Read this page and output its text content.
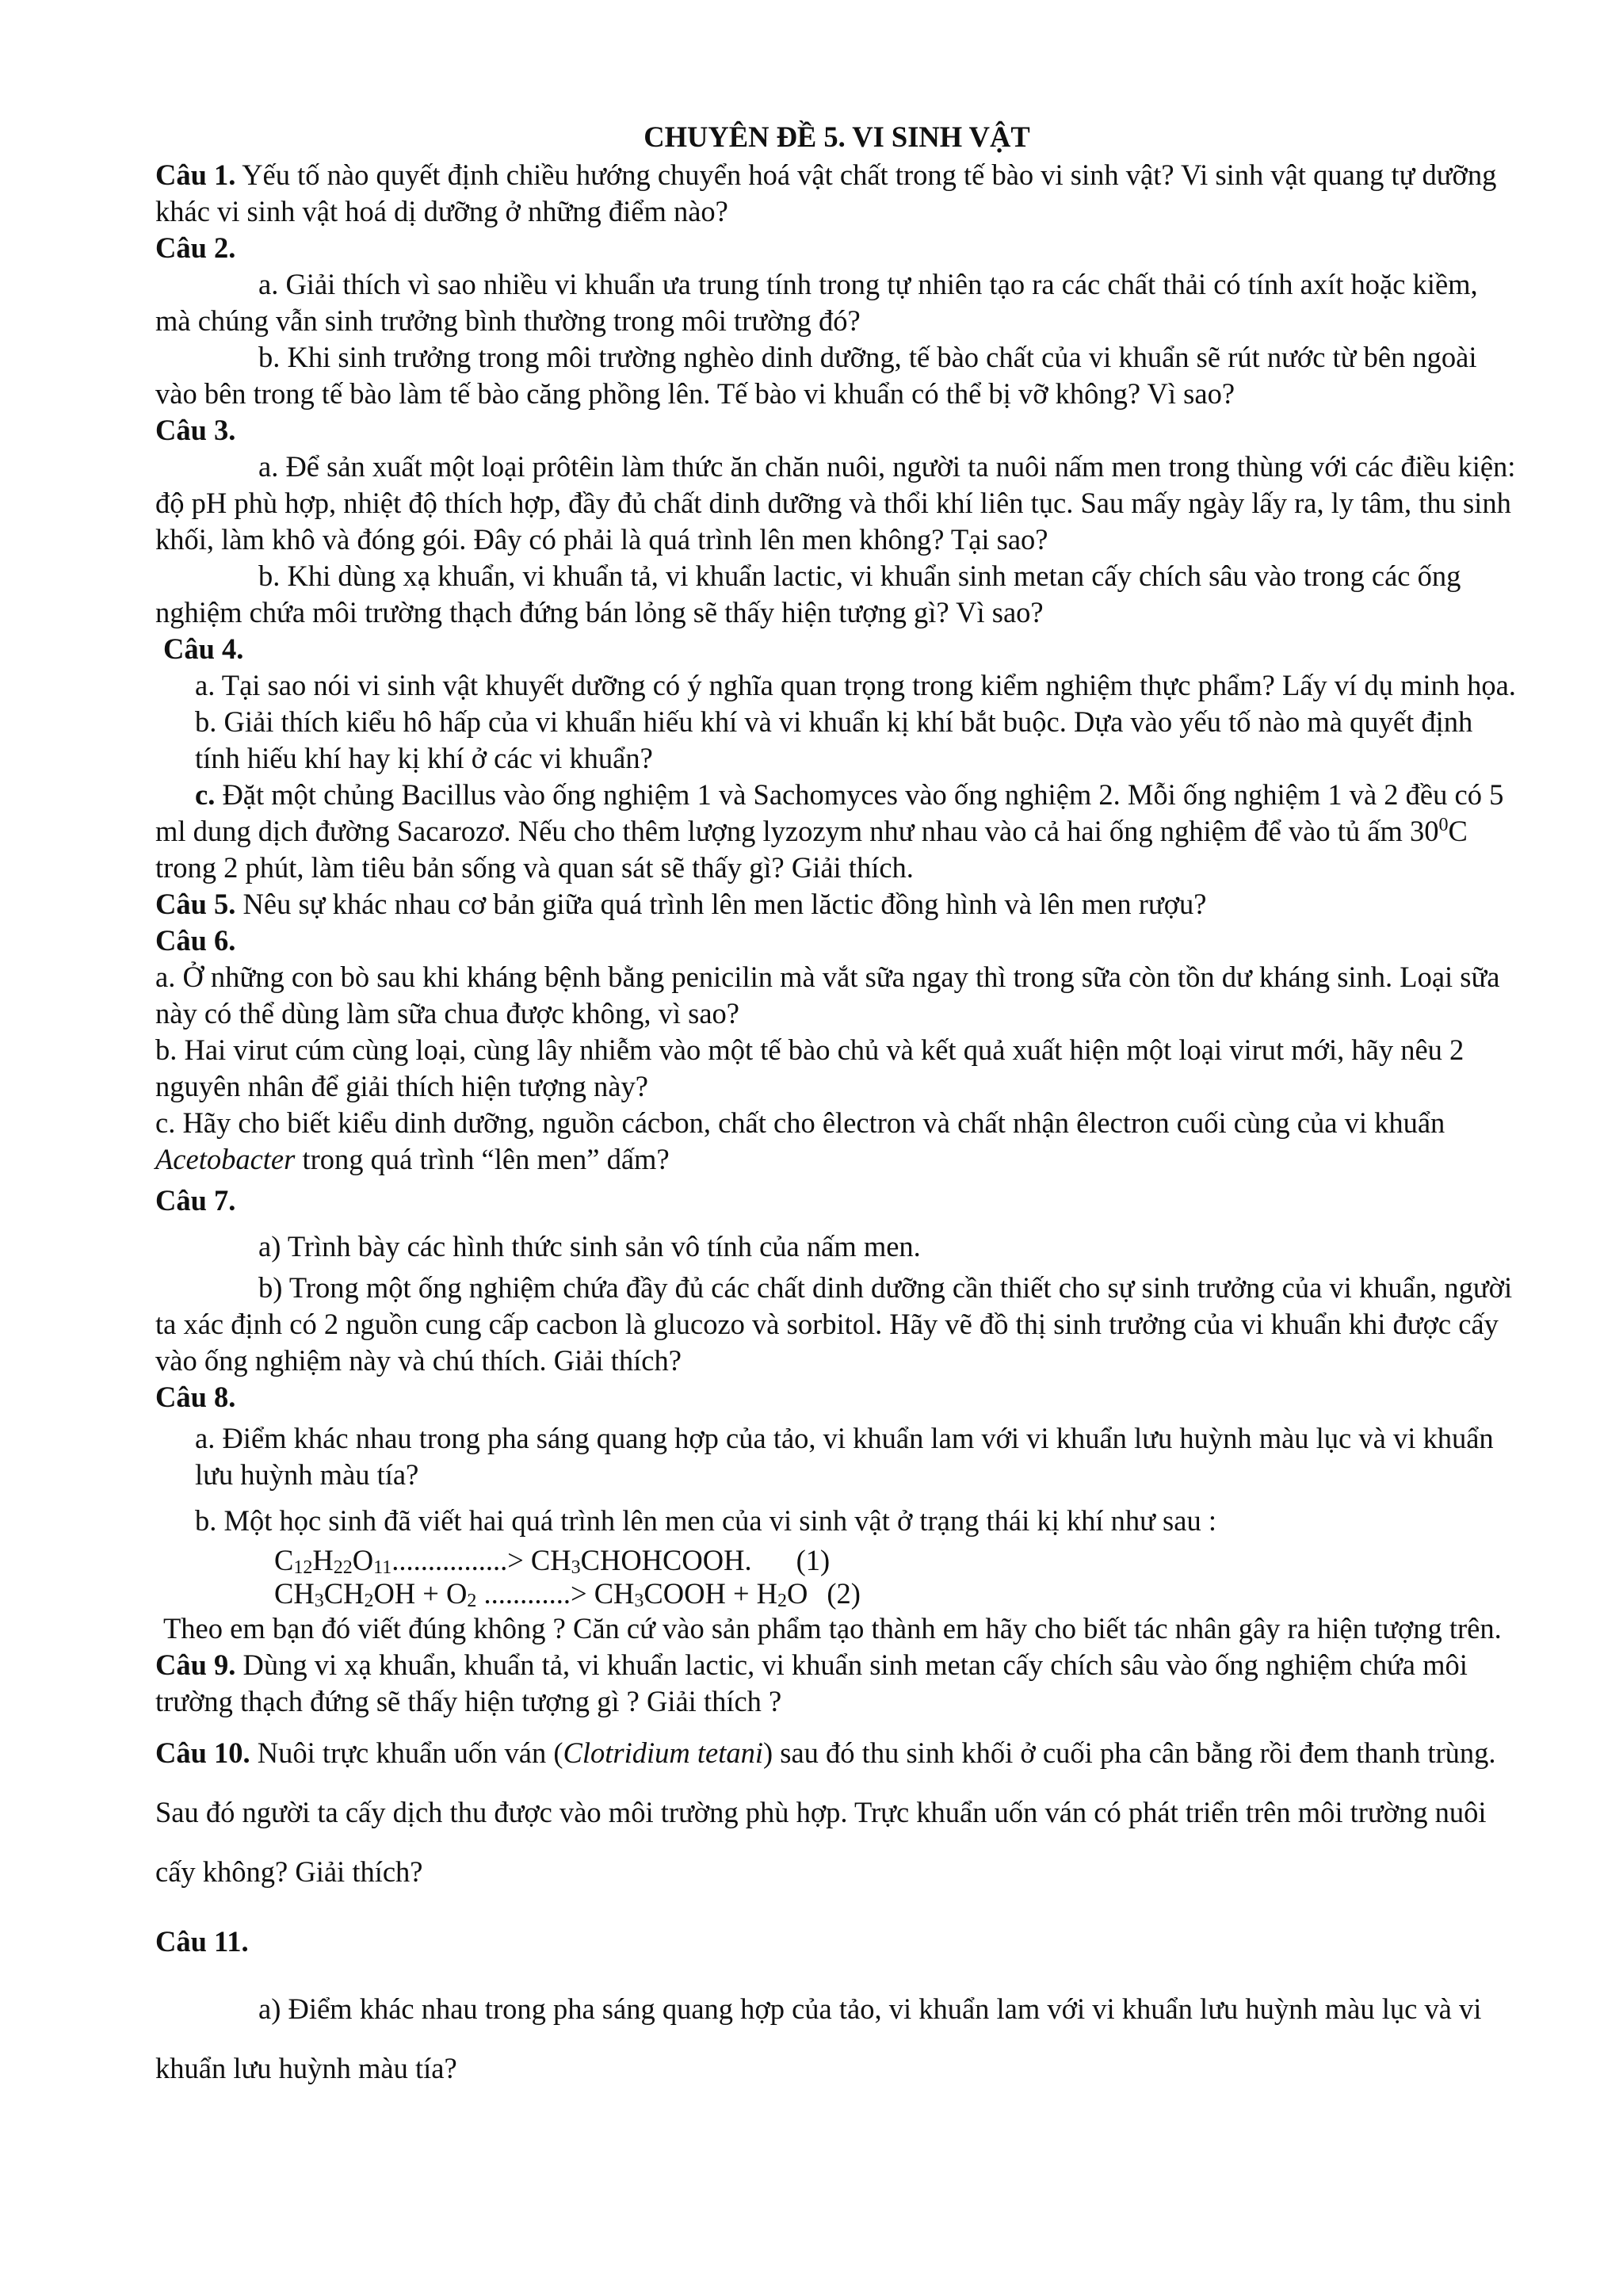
CHUYÊN ĐỀ 5. VI SINH VẬT

Câu 1. Yếu tố nào quyết định chiều hướng chuyển hoá vật chất trong tế bào vi sinh vật? Vi sinh vật quang tự dưỡng khác vi sinh vật hoá dị dưỡng ở những điểm nào?

Câu 2.

a. Giải thích vì sao nhiều vi khuẩn ưa trung tính trong tự nhiên tạo ra các chất thải có tính axít hoặc kiềm, mà chúng vẫn sinh trưởng bình thường trong môi trường đó?

b. Khi sinh trưởng trong môi trường nghèo dinh dưỡng, tế bào chất của vi khuẩn sẽ rút nước từ bên ngoài vào bên trong tế bào làm tế bào căng phồng lên. Tế bào vi khuẩn có thể bị vỡ không? Vì sao?

Câu 3.

a. Để sản xuất một loại prôtêin làm thức ăn chăn nuôi, người ta nuôi nấm men trong thùng với các điều kiện: độ pH phù hợp, nhiệt độ thích hợp, đầy đủ chất dinh dưỡng và thổi khí liên tục. Sau mấy ngày lấy ra, ly tâm, thu sinh khối, làm khô và đóng gói. Đây có phải là quá trình lên men không? Tại sao?

b. Khi dùng xạ khuẩn, vi khuẩn tả, vi khuẩn lactic, vi khuẩn sinh metan cấy chích sâu vào trong các ống nghiệm chứa môi trường thạch đứng bán lỏng sẽ thấy hiện tượng gì? Vì sao?

Câu 4.

a. Tại sao nói vi sinh vật khuyết dưỡng có ý nghĩa quan trọng trong kiểm nghiệm thực phẩm? Lấy ví dụ minh họa.

b. Giải thích kiểu hô hấp của vi khuẩn hiếu khí và vi khuẩn kị khí bắt buộc. Dựa vào yếu tố nào mà quyết định tính hiếu khí hay kị khí ở các vi khuẩn?

c. Đặt một chủng Bacillus vào ống nghiệm 1 và Sachomyces vào ống nghiệm 2. Mỗi ống nghiệm 1 và 2 đều có 5 ml dung dịch đường Sacarozơ. Nếu cho thêm lượng lyzozym như nhau vào cả hai ống nghiệm để vào tủ ấm $30^0C$ trong 2 phút, làm tiêu bản sống và quan sát sẽ thấy gì? Giải thích.

Câu 5. Nêu sự khác nhau cơ bản giữa quá trình lên men lăctic đồng hình và lên men rượu?

Câu 6.

a. Ở những con bò sau khi kháng bệnh bằng penicilin mà vắt sữa ngay thì trong sữa còn tồn dư kháng sinh. Loại sữa này có thể dùng làm sữa chua được không, vì sao?

b. Hai virut cúm cùng loại, cùng lây nhiễm vào một tế bào chủ và kết quả xuất hiện một loại virut mới, hãy nêu 2 nguyên nhân để giải thích hiện tượng này?

c. Hãy cho biết kiểu dinh dưỡng, nguồn cácbon, chất cho êlectron và chất nhận êlectron cuối cùng của vi khuẩn Acetobacter trong quá trình “lên men” dấm?

Câu 7.

a) Trình bày các hình thức sinh sản vô tính của nấm men.

b) Trong một ống nghiệm chứa đầy đủ các chất dinh dưỡng cần thiết cho sự sinh trưởng của vi khuẩn, người ta xác định có 2 nguồn cung cấp cacbon là glucozo và sorbitol. Hãy vẽ đồ thị sinh trưởng của vi khuẩn khi được cấy vào ống nghiệm này và chú thích. Giải thích?

Câu 8.

a. Điểm khác nhau trong pha sáng quang hợp của tảo, vi khuẩn lam với vi khuẩn lưu huỳnh màu lục và vi khuẩn lưu huỳnh màu tía?

b. Một học sinh đã viết hai quá trình lên men của vi sinh vật ở trạng thái kị khí như sau :

$C_{12}H_{22}O_{11}................>$ $CH_3CHOHCOOH$. (1)

$CH_3CH_2OH + O_2$ ............> $CH_3COOH + H_2O$ (2)

Theo em bạn đó viết đúng không ? Căn cứ vào sản phẩm tạo thành em hãy cho biết tác nhân gây ra hiện tượng trên.

Câu 9. Dùng vi xạ khuẩn, khuẩn tả, vi khuẩn lactic, vi khuẩn sinh metan cấy chích sâu vào ống nghiệm chứa môi trường thạch đứng sẽ thấy hiện tượng gì ? Giải thích ?

Câu 10. Nuôi trực khuẩn uốn ván (Clotridium tetani) sau đó thu sinh khối ở cuối pha cân bằng rồi đem thanh trùng. Sau đó người ta cấy dịch thu được vào môi trường phù hợp. Trực khuẩn uốn ván có phát triển trên môi trường nuôi cấy không? Giải thích?

Câu 11.

a) Điểm khác nhau trong pha sáng quang hợp của tảo, vi khuẩn lam với vi khuẩn lưu huỳnh màu lục và vi khuẩn lưu huỳnh màu tía?
